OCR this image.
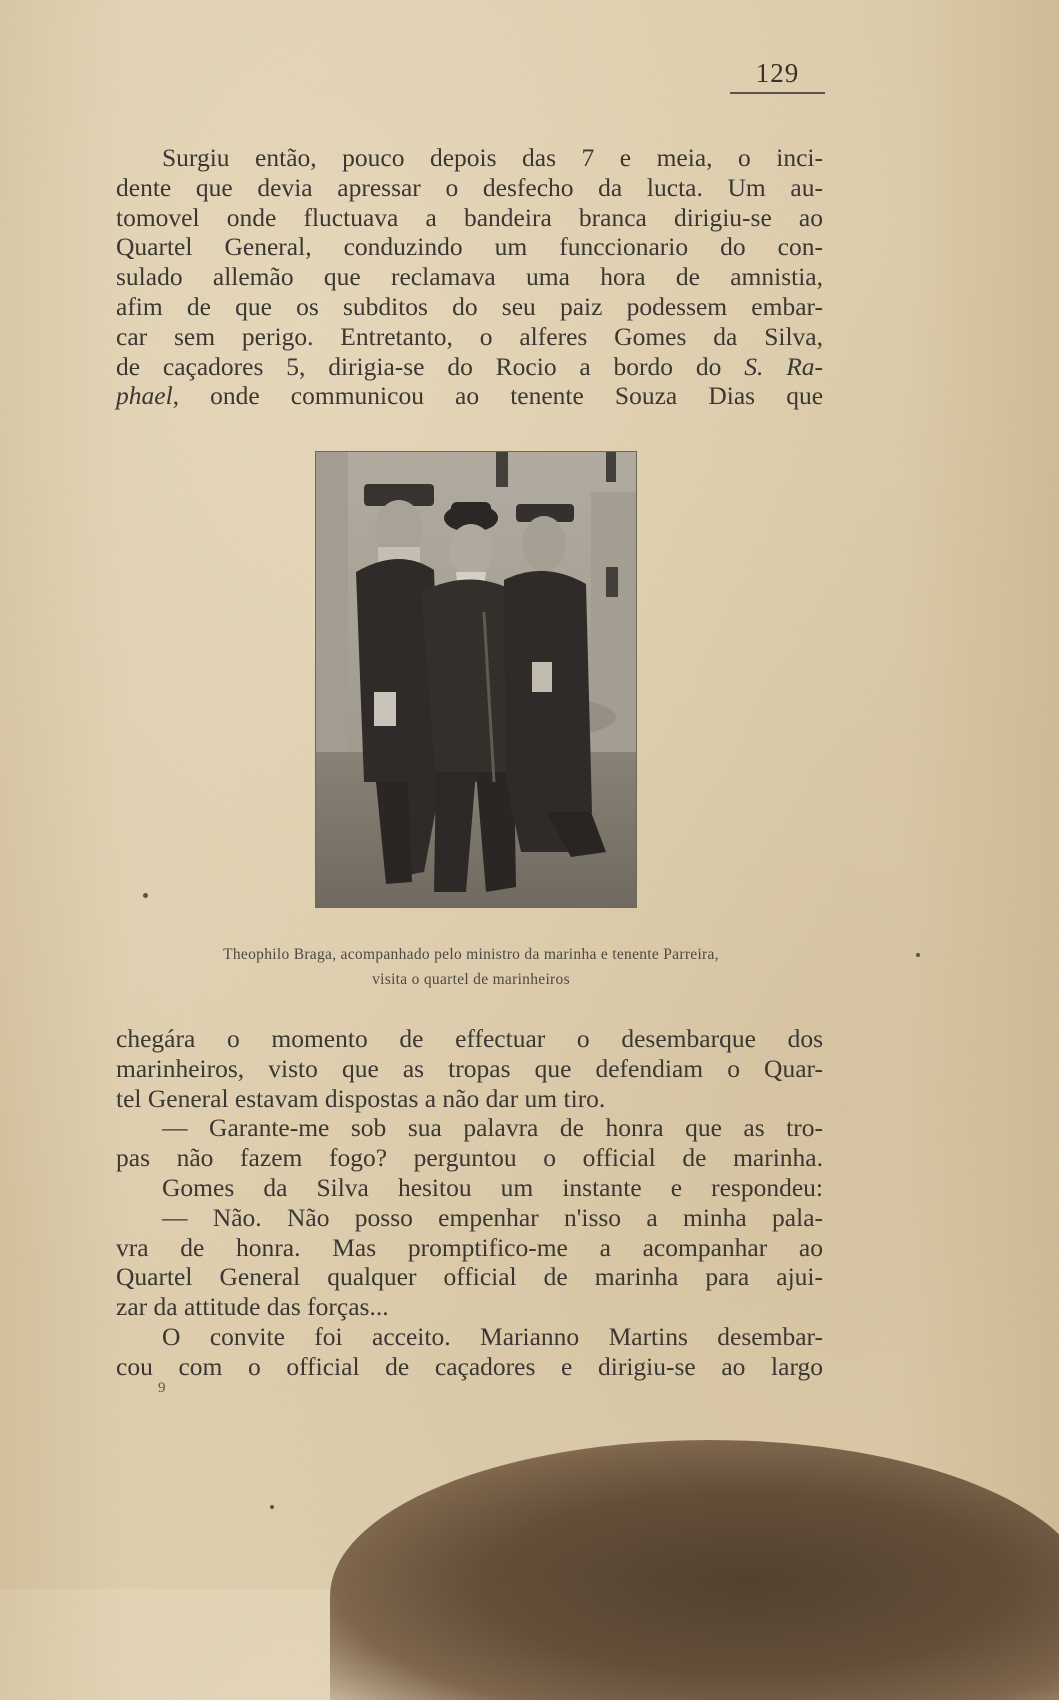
129
Surgiu então, pouco depois das 7 e meia, o inci-
dente que devia apressar o desfecho da lucta. Um au-
tomovel onde fluctuava a bandeira branca dirigiu-se ao
Quartel General, conduzindo um funccionario do con-
sulado allemão que reclamava uma hora de amnistia,
afim de que os subditos do seu paiz podessem embar-
car sem perigo. Entretanto, o alferes Gomes da Silva,
de caçadores 5, dirigia-se do Rocio a bordo do S. Ra-
phael, onde communicou ao tenente Souza Dias que
Theophilo Braga, acompanhado pelo ministro da marinha e tenente Parreira,
visita o quartel de marinheiros
chegára o momento de effectuar o desembarque dos
marinheiros, visto que as tropas que defendiam o Quar-
tel General estavam dispostas a não dar um tiro.
— Garante-me sob sua palavra de honra que as tro-
pas não fazem fogo? perguntou o official de marinha.
Gomes da Silva hesitou um instante e respondeu:
— Não. Não posso empenhar n'isso a minha pala-
vra de honra. Mas promptifico-me a acompanhar ao
Quartel General qualquer official de marinha para ajui-
zar da attitude das forças...
O convite foi acceito. Marianno Martins desembar-
cou com o official de caçadores e dirigiu-se ao largo
9
